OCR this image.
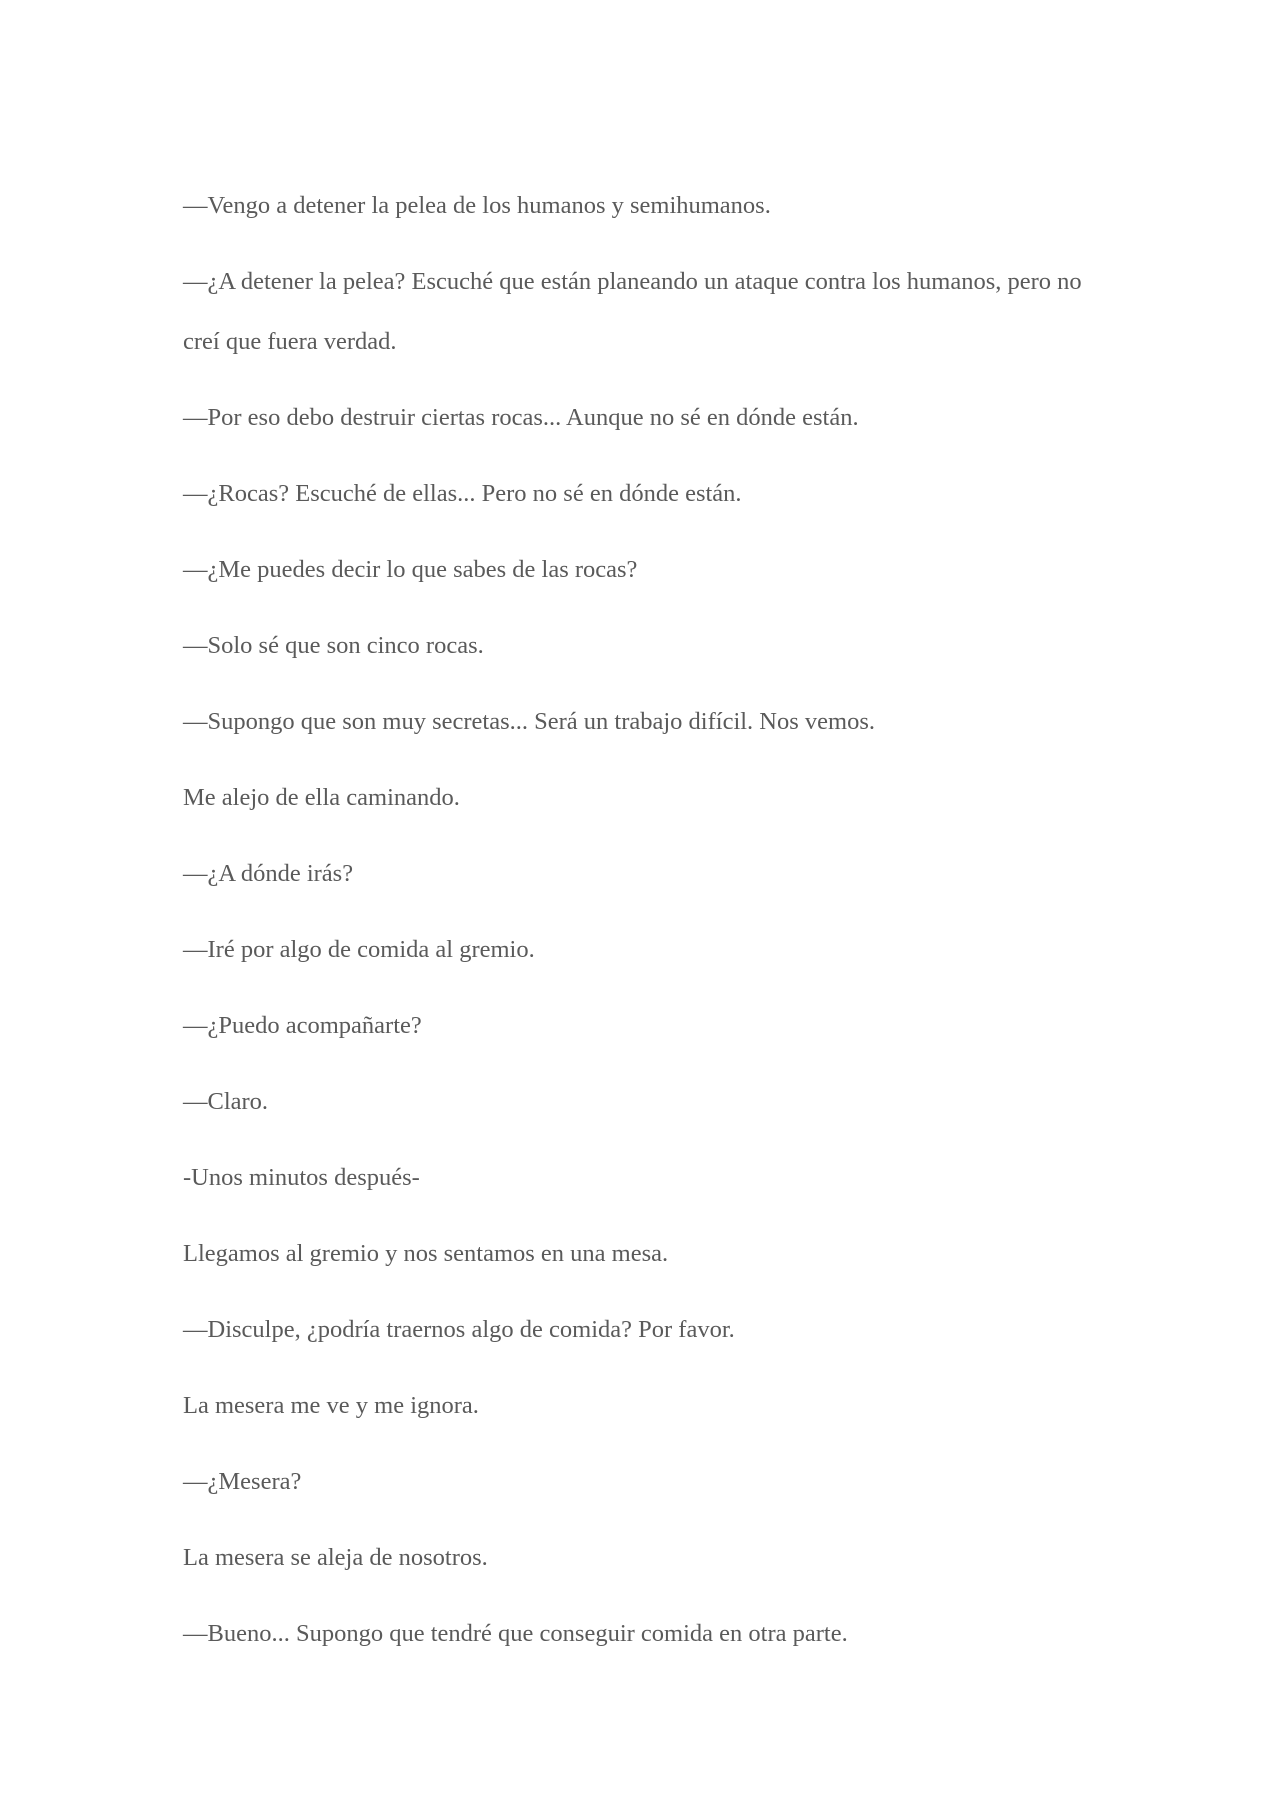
—Vengo a detener la pelea de los humanos y semihumanos.

—¿A detener la pelea? Escuché que están planeando un ataque contra los humanos, pero no creí que fuera verdad.

—Por eso debo destruir ciertas rocas... Aunque no sé en dónde están.

—¿Rocas? Escuché de ellas... Pero no sé en dónde están.

—¿Me puedes decir lo que sabes de las rocas?

—Solo sé que son cinco rocas.

—Supongo que son muy secretas... Será un trabajo difícil. Nos vemos.

Me alejo de ella caminando.

—¿A dónde irás?

—Iré por algo de comida al gremio.

—¿Puedo acompañarte?

—Claro.

-Unos minutos después-

Llegamos al gremio y nos sentamos en una mesa.

—Disculpe, ¿podría traernos algo de comida? Por favor.

La mesera me ve y me ignora.

—¿Mesera?

La mesera se aleja de nosotros.

—Bueno... Supongo que tendré que conseguir comida en otra parte.
